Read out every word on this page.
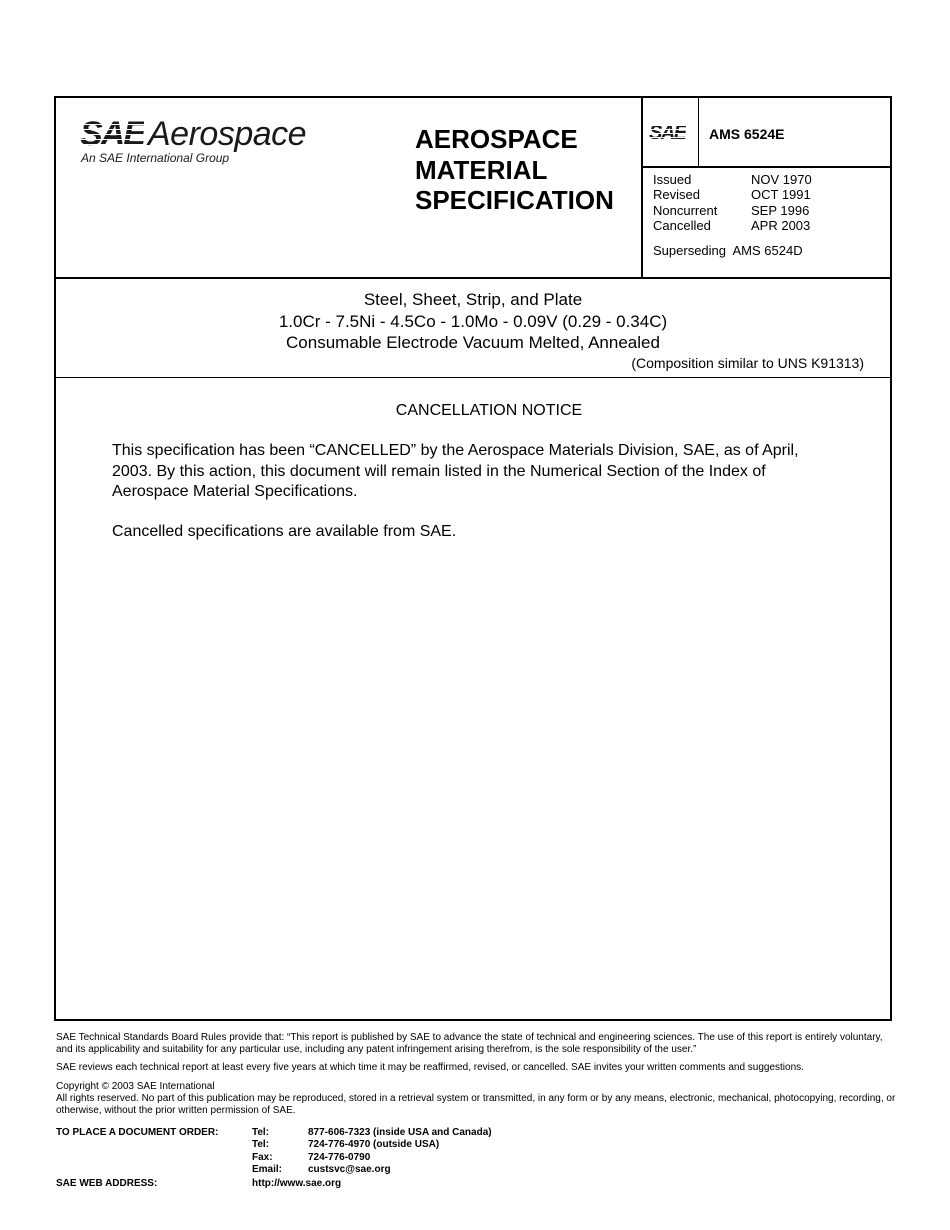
SAE Aerospace
An SAE International Group
AEROSPACE
MATERIAL
SPECIFICATION
SAE AMS 6524E
Issued	NOV 1970
Revised	OCT 1991
Noncurrent	SEP 1996
Cancelled	APR 2003
Superseding  AMS 6524D
Steel, Sheet, Strip, and Plate
1.0Cr - 7.5Ni - 4.5Co - 1.0Mo - 0.09V (0.29 - 0.34C)
Consumable Electrode Vacuum Melted, Annealed
(Composition similar to UNS K91313)
CANCELLATION NOTICE
This specification has been “CANCELLED” by the Aerospace Materials Division, SAE, as of April, 2003. By this action, this document will remain listed in the Numerical Section of the Index of Aerospace Material Specifications.
Cancelled specifications are available from SAE.
SAE Technical Standards Board Rules provide that: “This report is published by SAE to advance the state of technical and engineering sciences. The use of this report is entirely voluntary, and its applicability and suitability for any particular use, including any patent infringement arising therefrom, is the sole responsibility of the user.”
SAE reviews each technical report at least every five years at which time it may be reaffirmed, revised, or cancelled. SAE invites your written comments and suggestions.
Copyright © 2003 SAE International
All rights reserved. No part of this publication may be reproduced, stored in a retrieval system or transmitted, in any form or by any means, electronic, mechanical, photocopying, recording, or otherwise, without the prior written permission of SAE.
TO PLACE A DOCUMENT ORDER:	Tel:	877-606-7323 (inside USA and Canada)
Tel:	724-776-4970 (outside USA)
Fax:	724-776-0790
Email:	custsvc@sae.org
SAE WEB ADDRESS:	http://www.sae.org
